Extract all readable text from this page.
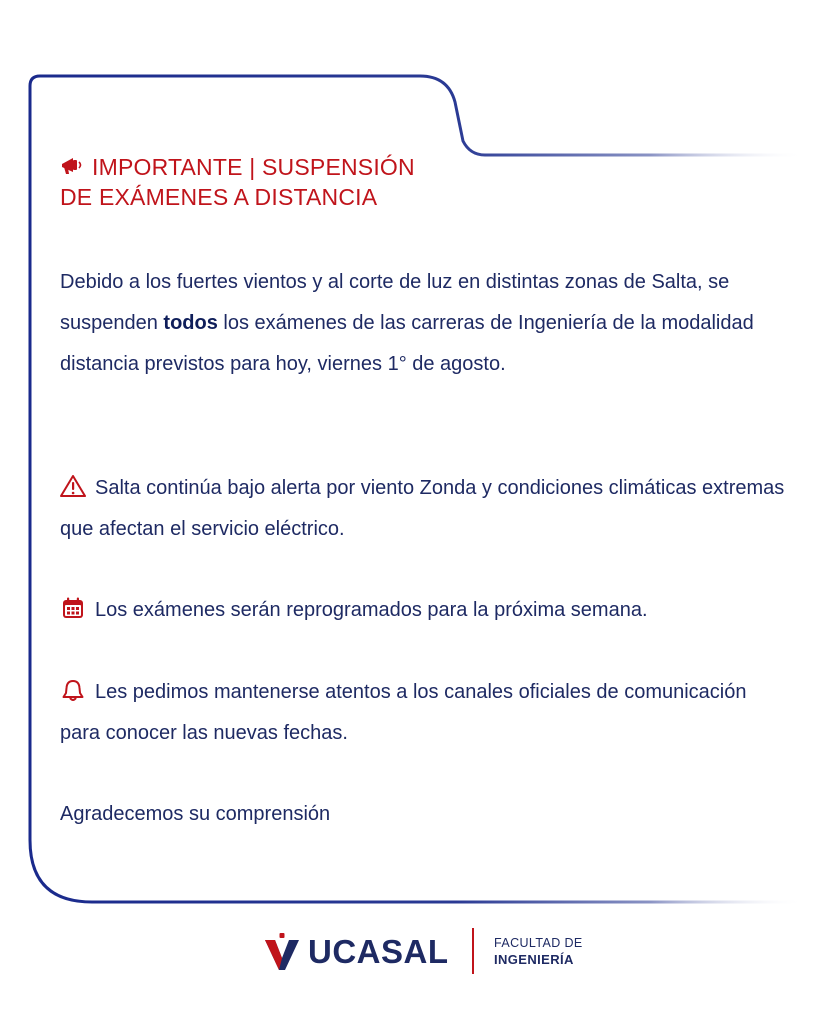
IMPORTANTE | SUSPENSIÓN
DE EXÁMENES A DISTANCIA
Debido a los fuertes vientos y al corte de luz en distintas zonas de Salta, se suspenden todos los exámenes de las carreras de Ingeniería de la modalidad distancia previstos para hoy, viernes 1° de agosto.
Salta continúa bajo alerta por viento Zonda y condiciones climáticas extremas que afectan el servicio eléctrico.
Los exámenes serán reprogramados para la próxima semana.
Les pedimos mantenerse atentos a los canales oficiales de comunicación para conocer las nuevas fechas.
Agradecemos su comprensión
UCASAL	FACULTAD DE
INGENIERÍA
